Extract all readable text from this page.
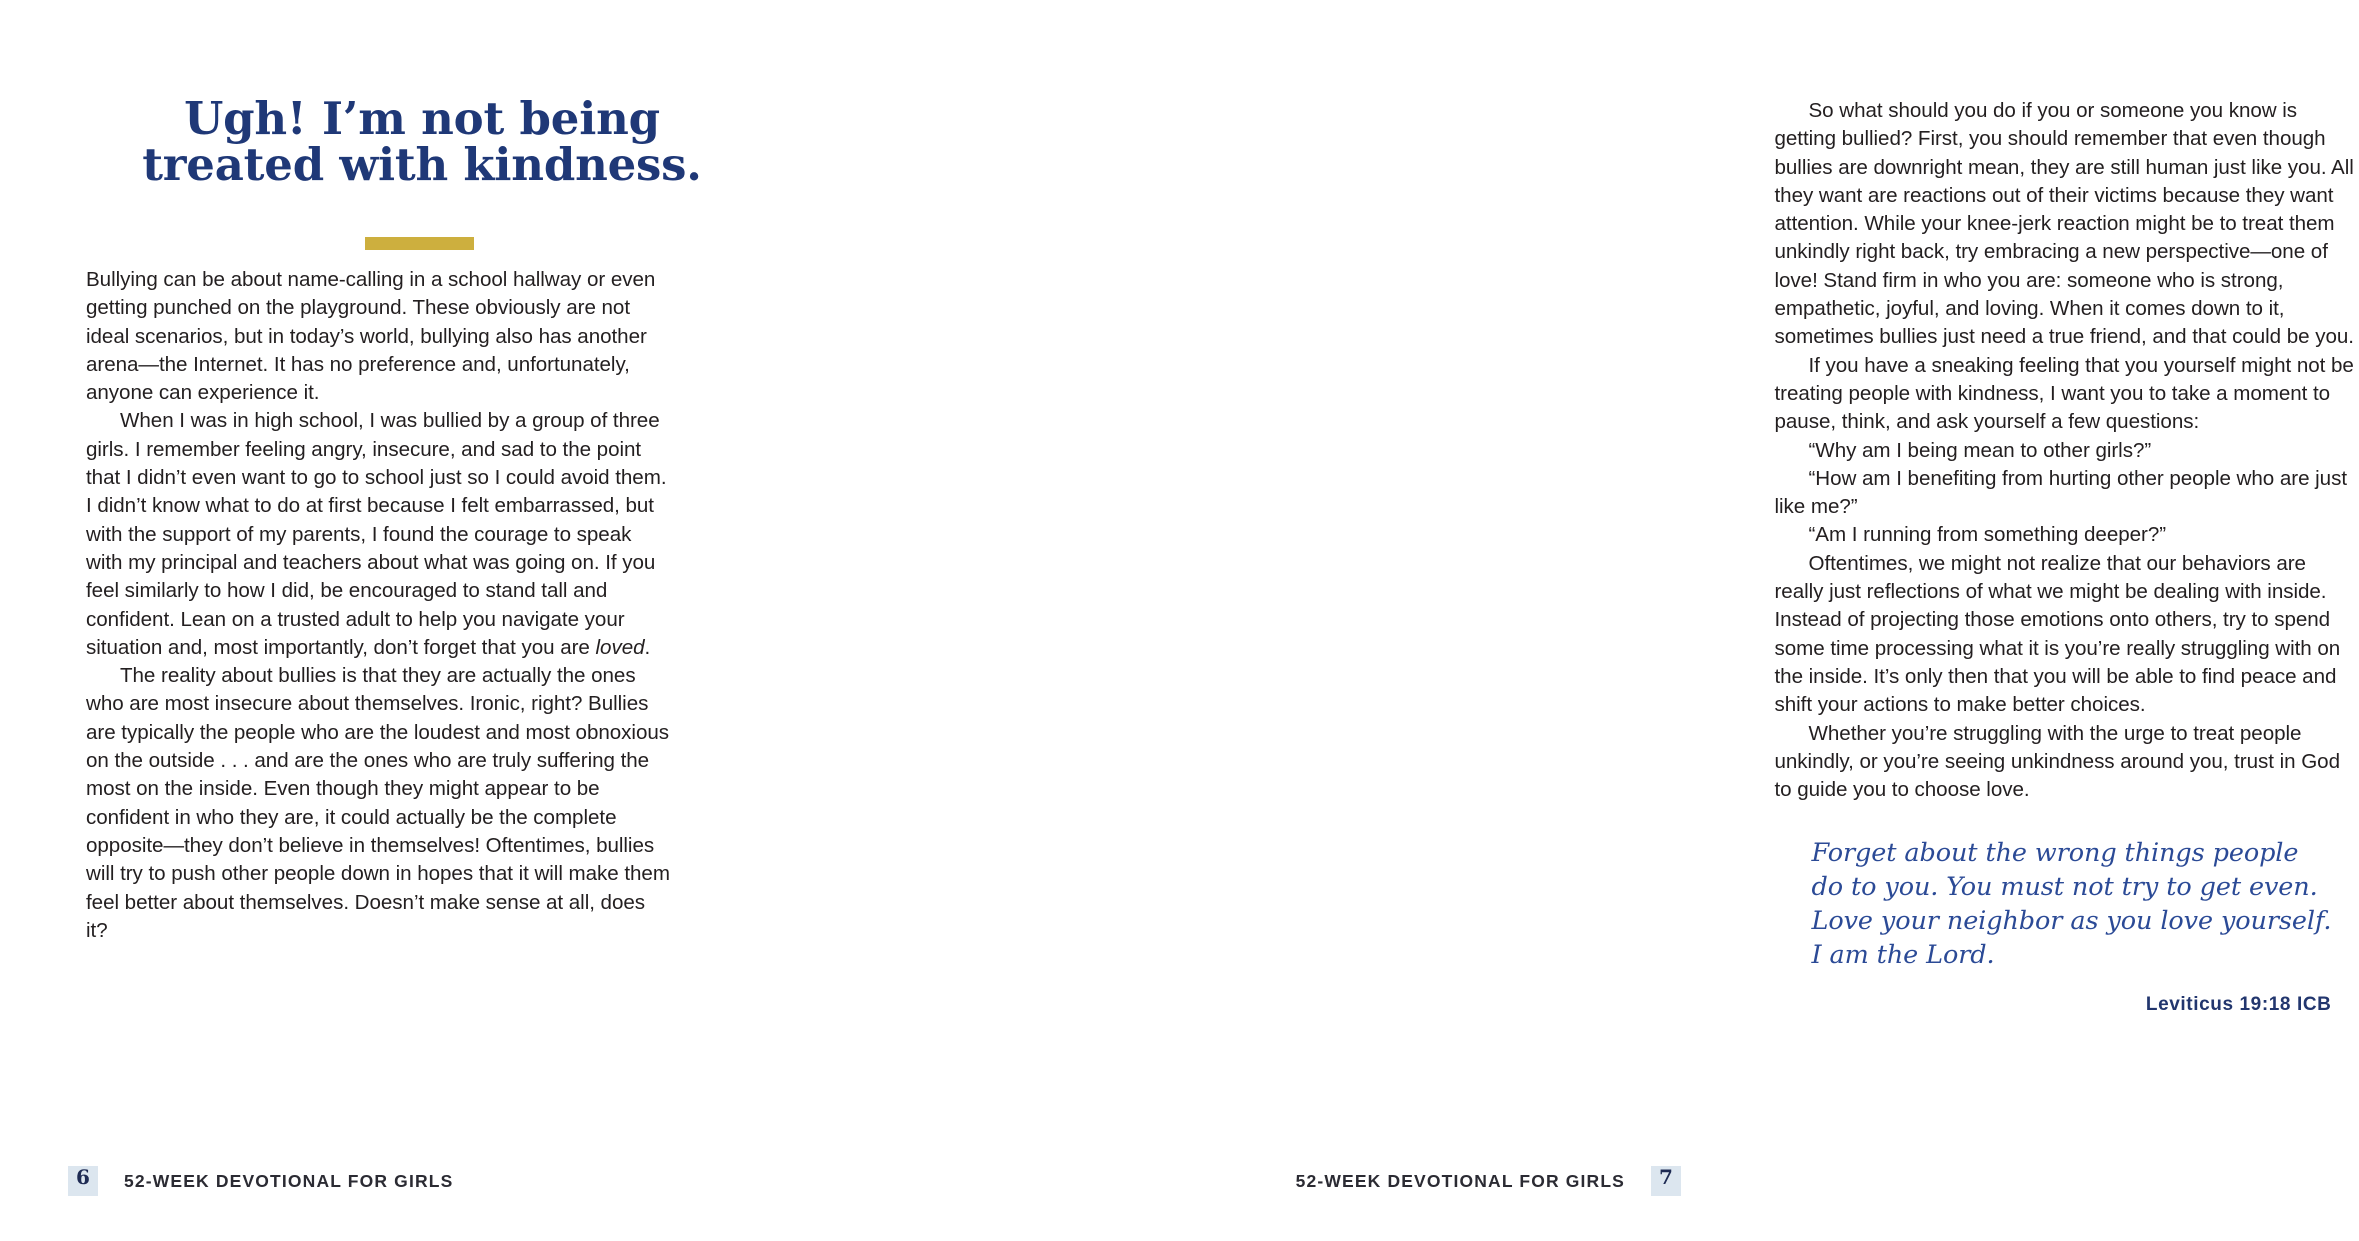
Ugh! I’m not being
treated with kindness.

Bullying can be about name-calling in a school hallway or even getting punched on the playground. These obviously are not ideal scenarios, but in today’s world, bullying also has another arena—the Internet. It has no preference and, unfortunately, anyone can experience it.

When I was in high school, I was bullied by a group of three girls. I remember feeling angry, insecure, and sad to the point that I didn’t even want to go to school just so I could avoid them. I didn’t know what to do at first because I felt embarrassed, but with the support of my parents, I found the courage to speak with my principal and teachers about what was going on. If you feel similarly to how I did, be encouraged to stand tall and confident. Lean on a trusted adult to help you navigate your situation and, most importantly, don’t forget that you are loved.

The reality about bullies is that they are actually the ones who are most insecure about themselves. Ironic, right? Bullies are typically the people who are the loudest and most obnoxious on the outside . . . and are the ones who are truly suffering the most on the inside. Even though they might appear to be confident in who they are, it could actually be the complete opposite—they don’t believe in themselves! Oftentimes, bullies will try to push other people down in hopes that it will make them feel better about themselves. Doesn’t make sense at all, does it?

6 52-WEEK DEVOTIONAL FOR GIRLS

So what should you do if you or someone you know is getting bullied? First, you should remember that even though bullies are downright mean, they are still human just like you. All they want are reactions out of their victims because they want attention. While your knee-jerk reaction might be to treat them unkindly right back, try embracing a new perspective—one of love! Stand firm in who you are: someone who is strong, empathetic, joyful, and loving. When it comes down to it, sometimes bullies just need a true friend, and that could be you.

If you have a sneaking feeling that you yourself might not be treating people with kindness, I want you to take a moment to pause, think, and ask yourself a few questions:

“Why am I being mean to other girls?”

“How am I benefiting from hurting other people who are just like me?”

“Am I running from something deeper?”

Oftentimes, we might not realize that our behaviors are really just reflections of what we might be dealing with inside. Instead of projecting those emotions onto others, try to spend some time processing what it is you’re really struggling with on the inside. It’s only then that you will be able to find peace and shift your actions to make better choices.

Whether you’re struggling with the urge to treat people unkindly, or you’re seeing unkindness around you, trust in God to guide you to choose love.

Forget about the wrong things people do to you. You must not try to get even. Love your neighbor as you love yourself. I am the Lord.

Leviticus 19:18 ICB
52-WEEK DEVOTIONAL FOR GIRLS 7
